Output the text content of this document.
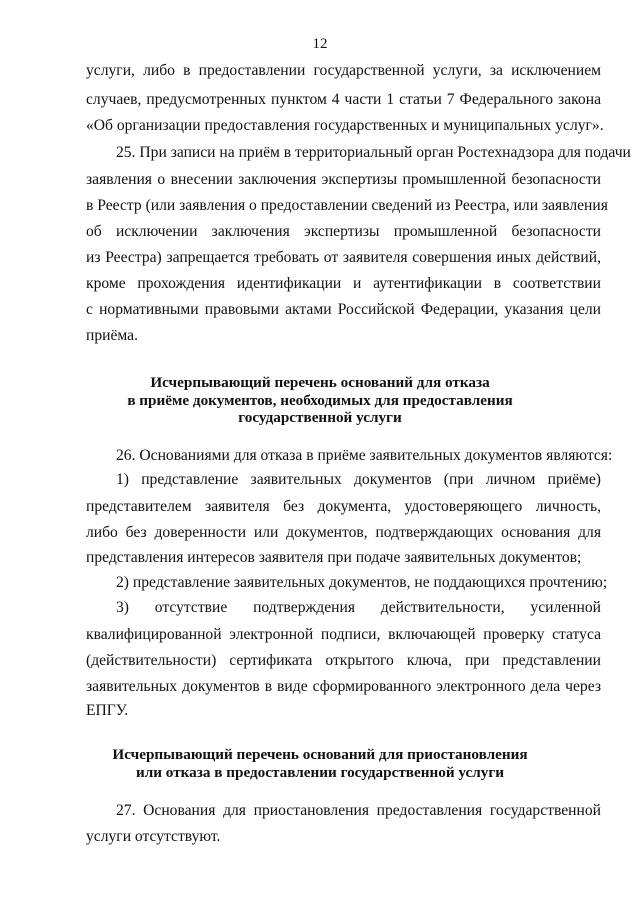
12
услуги, либо в предоставлении государственной услуги, за исключением
случаев, предусмотренных пунктом 4 части 1 статьи 7 Федерального закона
«Об организации предоставления государственных и муниципальных услуг».
25. При записи на приём в территориальный орган Ростехнадзора для подачи
заявления о внесении заключения экспертизы промышленной безопасности
в Реестр (или заявления о предоставлении сведений из Реестра, или заявления
об исключении заключения экспертизы промышленной безопасности
из Реестра) запрещается требовать от заявителя совершения иных действий,
кроме прохождения идентификации и аутентификации в соответствии
с нормативными правовыми актами Российской Федерации, указания цели
приёма.
Исчерпывающий перечень оснований для отказа
в приёме документов, необходимых для предоставления
государственной услуги
26. Основаниями для отказа в приёме заявительных документов являются:
1) представление заявительных документов (при личном приёме)
представителем заявителя без документа, удостоверяющего личность,
либо без доверенности или документов, подтверждающих основания для
представления интересов заявителя при подаче заявительных документов;
2) представление заявительных документов, не поддающихся прочтению;
3) отсутствие подтверждения действительности, усиленной
квалифицированной электронной подписи, включающей проверку статуса
(действительности) сертификата открытого ключа, при представлении
заявительных документов в виде сформированного электронного дела через
ЕПГУ.
Исчерпывающий перечень оснований для приостановления
или отказа в предоставлении государственной услуги
27. Основания для приостановления предоставления государственной
услуги отсутствуют.
